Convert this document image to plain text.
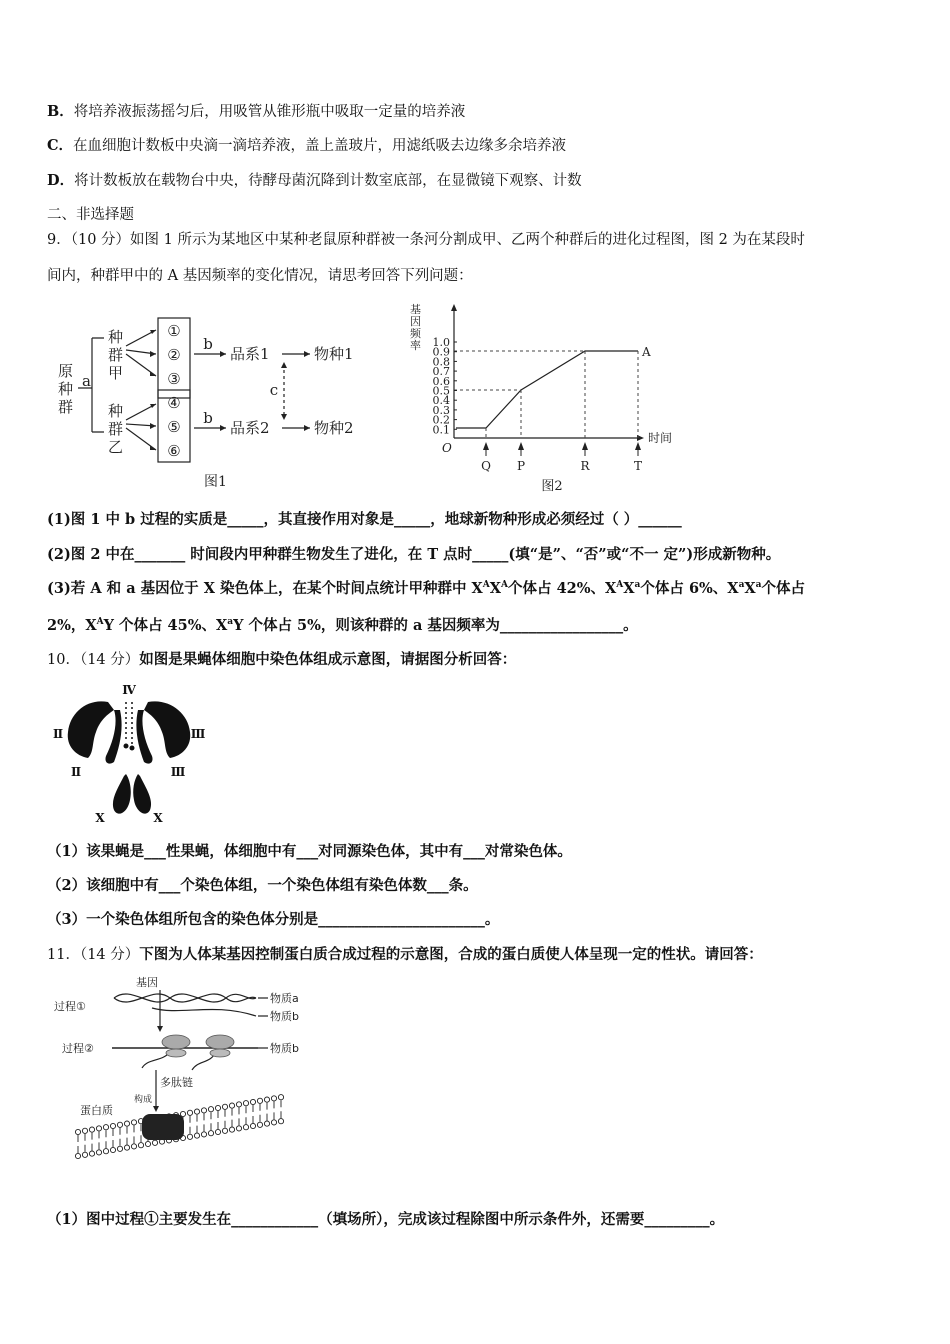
B．将培养液振荡摇匀后，用吸管从锥形瓶中吸取一定量的培养液
C．在血细胞计数板中央滴一滴培养液，盖上盖玻片，用滤纸吸去边缘多余培养液
D．将计数板放在载物台中央，待酵母菌沉降到计数室底部，在显微镜下观察、计数
二、非选择题
9．（10 分）如图 1 所示为某地区中某种老鼠原种群被一条河分割成甲、乙两个种群后的进化过程图，图 2 为在某段时
间内，种群甲中的 A 基因频率的变化情况，请思考回答下列问题：
原
种
群
a
种
群
甲
种
群
乙
①
②
③
④
⑤
⑥
b
b
c
品系1
品系2
物种1
物种2
图1
基
因
频
率 1.0
0.9
0.8
0.7
0.6
0.5
0.4
0.3
0.2
0.1
O
A
时间
Q P	R	T
图2
(1)图 1 中 b 过程的实质是_____，其直接作用对象是_____，地球新物种形成必须经过（ ）______
(2)图 2 中在_______ 时间段内甲种群生物发生了进化，在 T 点时_____(填“是”、“否”或“不一 定”)形成新物种。
(3)若 A 和 a 基因位于 X 染色体上，在某个时间点统计甲种群中 $X^AX^A$个体占 42%、$X^AX^a$个体占 6%、$X^aX^a$个体占
2%，$X^AY$ 个体占 45%、$X^aY$ 个体占 5%，则该种群的 a 基因频率为_________________。
10．（14 分）如图是果蝇体细胞中染色体组成示意图，请据图分析回答：
Ⅳ
Ⅱ	Ⅲ
Ⅱ	Ⅲ
X	X
（1）该果蝇是___性果蝇，体细胞中有___对同源染色体，其中有___对常染色体。
（2）该细胞中有___个染色体组，一个染色体组有染色体数___条。
（3）一个染色体组所包含的染色体分别是_______________________。
11．（14 分）下图为人体某基因控制蛋白质合成过程的示意图，合成的蛋白质使人体呈现一定的性状。请回答：
基因
过程①
物质a
物质b
过程②	物质b
多肽链
构成
蛋白质
（1）图中过程①主要发生在____________（填场所），完成该过程除图中所示条件外，还需要_________。
